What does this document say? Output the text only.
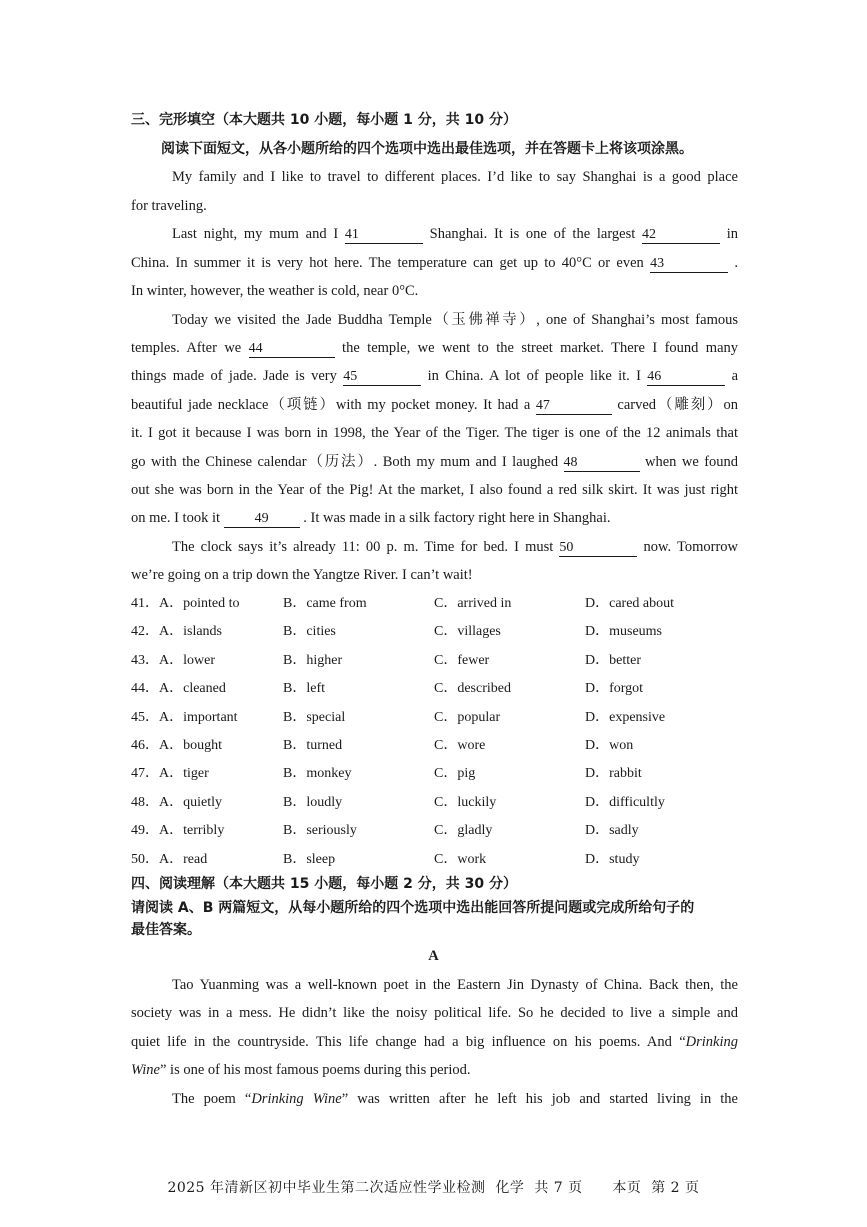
三、完形填空（本大题共 10 小题，每小题 1 分，共 10 分）
阅读下面短文，从各小题所给的四个选项中选出最佳选项，并在答题卡上将该项涂黑。
My family and I like to travel to different places. I’d like to say Shanghai is a good place
for traveling.
Last night, my mum and I 41	Shanghai. It is one of the largest 42	in
China. In summer it is very hot here. The temperature can get up to 40°C or even 43	.
In winter, however, the weather is cold, near 0°C.
Today we visited the Jade Buddha Temple（玉佛禅寺）, one of Shanghai’s most famous
temples. After we 44	the temple, we went to the street market. There I found many
things made of jade. Jade is very 45	in China. A lot of people like it. I 46	a
beautiful jade necklace（项链）with my pocket money. It had a 47	carved（雕刻）on
it. I got it because I was born in 1998, the Year of the Tiger. The tiger is one of the 12 animals that
go with the Chinese calendar（历法）. Both my mum and I laughed 48	when we found
out she was born in the Year of the Pig! At the market, I also found a red silk skirt. It was just right
on me. I took it 49 . It was made in a silk factory right here in Shanghai.
The clock says it’s already 11: 00 p. m. Time for bed. I must 50	now. Tomorrow
we’re going on a trip down the Yangtze River. I can’t wait!
41．A．pointed to	B．came from	C．arrived in	D．cared about
42．A．islands	B．cities	C．villages	D．museums
43．A．lower	B．higher	C．fewer	D．better
44．A．cleaned	B．left	C．described	D．forgot
45．A．important	B．special	C．popular	D．expensive
46．A．bought	B．turned	C．wore	D．won
47．A．tiger	B．monkey	C．pig	D．rabbit
48．A．quietly	B．loudly	C．luckily	D．difficultly
49．A．terribly	B．seriously	C．gladly	D．sadly
50．A．read	B．sleep	C．work	D．study
四、阅读理解（本大题共 15 小题，每小题 2 分，共 30 分）
请阅读 A、B 两篇短文，从每小题所给的四个选项中选出能回答所提问题或完成所给句子的
最佳答案。
A
Tao Yuanming was a well-known poet in the Eastern Jin Dynasty of China. Back then, the
society was in a mess. He didn’t like the noisy political life. So he decided to live a simple and
quiet life in the countryside. This life change had a big influence on his poems. And “Drinking
Wine” is one of his most famous poems during this period.
The poem “Drinking Wine” was written after he left his job and started living in the
2025 年清新区初中毕业生第二次适应性学业检测  化学  共 7 页      本页  第 2 页
